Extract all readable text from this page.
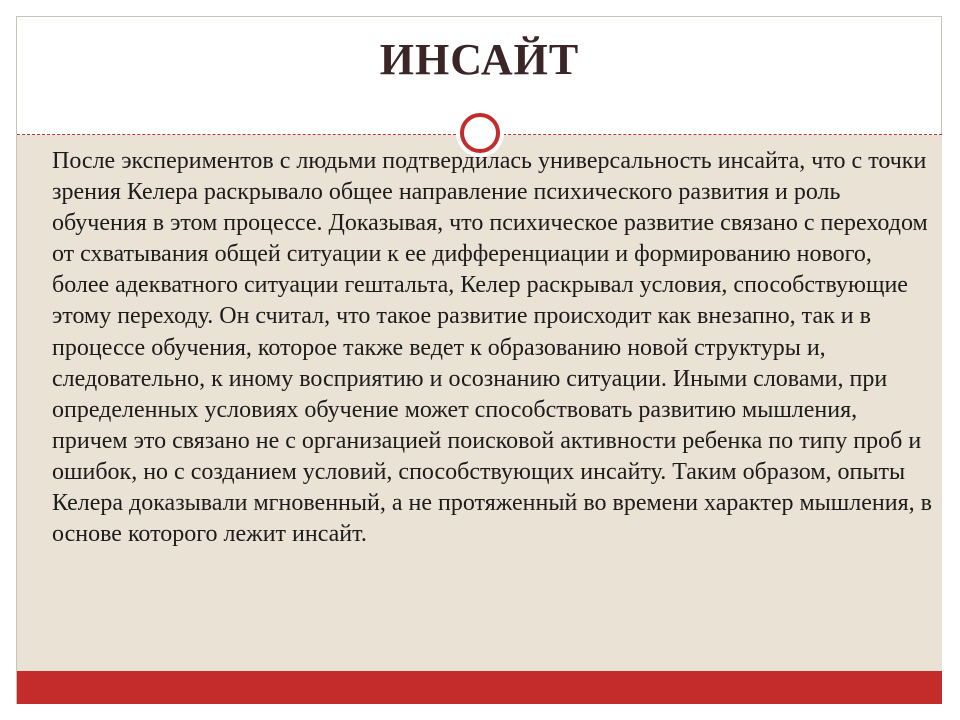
ИНСАЙТ

После экспериментов с людьми подтвердилась универсальность инсайта, что с точки зрения Келера раскрывало общее направление психического развития и роль обучения в этом процессе. Доказывая, что психическое развитие связано с переходом от схватывания общей ситуации к ее дифференциации и формированию нового, более адекватного ситуации гештальта, Келер раскрывал условия, способствующие этому переходу. Он считал, что такое развитие происходит как внезапно, так и в процессе обучения, которое также ведет к образованию новой структуры и, следовательно, к иному восприятию и осознанию ситуации. Иными словами, при определенных условиях обучение может способствовать развитию мышления, причем это связано не с организацией поисковой активности ребенка по типу проб и ошибок, но с созданием условий, способствующих инсайту. Таким образом, опыты Келера доказывали мгновенный, а не протяженный во времени характер мышления, в основе которого лежит инсайт.
